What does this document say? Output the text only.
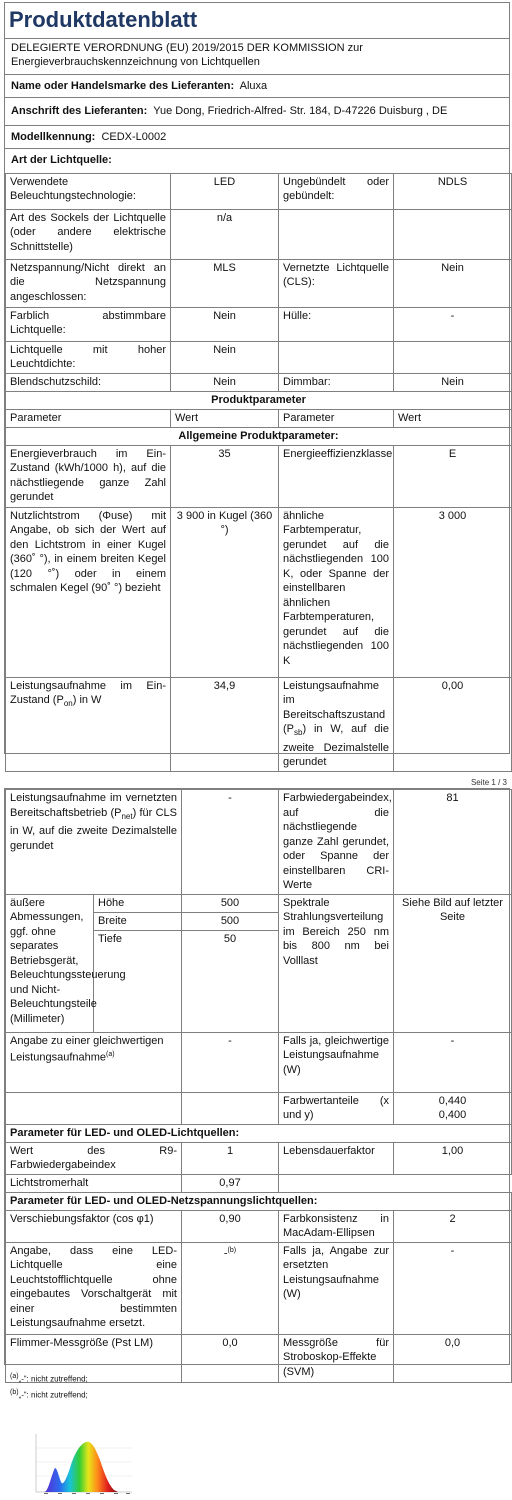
Produktdatenblatt
DELEGIERTE VERORDNUNG (EU) 2019/2015 DER KOMMISSION zur Energieverbrauchskennzeichnung von Lichtquellen
Name oder Handelsmarke des Lieferanten: Aluxa
Anschrift des Lieferanten: Yue Dong, Friedrich-Alfred- Str. 184, D-47226 Duisburg , DE
Modellkennung: CEDX-L0002
Art der Lichtquelle:
Verwendete Beleuchtungstechnologie:	LED	Ungebündelt oder gebündelt:	NDLS
Art des Sockels der Lichtquelle (oder andere elektrische Schnittstelle)	n/a		
Netzspannung/Nicht direkt an die Netzspannung angeschlossen:	MLS	Vernetzte Lichtquelle (CLS):	Nein
Farblich abstimmbare Lichtquelle:	Nein	Hülle:	-
Lichtquelle mit hoher Leuchtdichte:	Nein		
Blendschutzschild:	Nein	Dimmbar:	Nein
Produktparameter			
Parameter	Wert	Parameter	Wert
Allgemeine Produktparameter:			
Energieverbrauch im Ein-Zustand (kWh/1000 h), auf die nächstliegende ganze Zahl gerundet	35	Energieeffizienzklasse	E
Nutzlichtstrom (Φuse) mit Angabe, ob sich der Wert auf den Lichtstrom in einer Kugel (360˚ °), in einem breiten Kegel (120 °˚) oder in einem schmalen Kegel (90˚ °) bezieht	3 900 in Kugel (360 °)	ähnliche Farbtemperatur, gerundet auf die nächstliegenden 100 K, oder Spanne der einstellbaren ähnlichen Farbtemperaturen, gerundet auf die nächstliegenden 100 K	3 000
Leistungsaufnahme im Ein-Zustand $(P_{on})$ in W	34,9	Leistungsaufnahme im Bereitschaftszustand $(P_{sb})$ in W, auf die zweite Dezimalstelle gerundet	0,00
Seite 1 / 3
Leistungsaufnahme im vernetzten Bereitschaftsbetrieb $(P_{net})$ für CLS in W, auf die zweite Dezimalstelle gerundet		-	Farbwiedergabeindex, auf die nächstliegende ganze Zahl gerundet, oder Spanne der einstellbaren CRI-Werte	81
äußere Abmessungen, ggf. ohne separates Betriebsgerät, Beleuchtungssteuerung und Nicht-Beleuchtungsteile (Millimeter)	Höhe	500	Spektrale Strahlungsverteilung im Bereich 250 nm bis 800 nm bei Volllast	Siehe Bild auf letzter Seite
	Breite	500		
	Tiefe	50		
Angabe zu einer gleichwertigen Leistungsaufnahme$^{(a)}$		-	Falls ja, gleichwertige Leistungsaufnahme (W)	-
			Farbwertanteile (x und y)	0,440
0,400

Parameter für LED- und OLED-Lichtquellen:				
Wert des R9-Farbwiedergabeindex		1	Lebensdauerfaktor	1,00
Lichtstromerhalt		0,97		
Parameter für LED- und OLED-Netzspannungslichtquellen:				
Verschiebungsfaktor (cos φ1)		0,90	Farbkonsistenz in MacAdam-Ellipsen	2
Angabe, dass eine LED-Lichtquelle eine Leuchtstofflichtquelle ohne eingebautes Vorschaltgerät mit einer bestimmten Leistungsaufnahme ersetzt.		-$^{(b)}$	Falls ja, Angabe zur ersetzten Leistungsaufnahme (W)	-
Flimmer-Messgröße (Pst LM)		0,0	Messgröße für Stroboskop-Effekte (SVM)	0,0
$^{(a)}$„-“: nicht zutreffend;
$^{(b)}$„-“: nicht zutreffend;
